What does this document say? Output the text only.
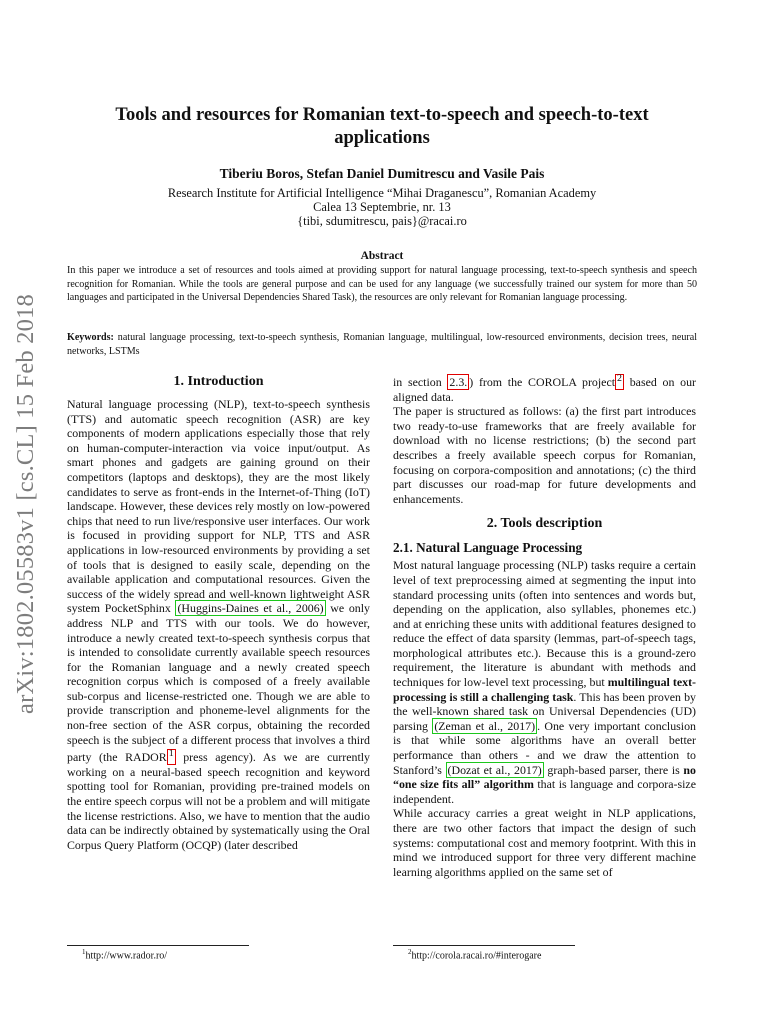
arXiv:1802.05583v1 [cs.CL] 15 Feb 2018
Tools and resources for Romanian text-to-speech and speech-to-text applications
Tiberiu Boros, Stefan Daniel Dumitrescu and Vasile Pais
Research Institute for Artificial Intelligence “Mihai Draganescu”, Romanian Academy
Calea 13 Septembrie, nr. 13
{tibi, sdumitrescu, pais}@racai.ro
Abstract
In this paper we introduce a set of resources and tools aimed at providing support for natural language processing, text-to-speech synthesis and speech recognition for Romanian. While the tools are general purpose and can be used for any language (we successfully trained our system for more than 50 languages and participated in the Universal Dependencies Shared Task), the resources are only relevant for Romanian language processing.
Keywords: natural language processing, text-to-speech synthesis, Romanian language, multilingual, low-resourced environments, decision trees, neural networks, LSTMs
1. Introduction

Natural language processing (NLP), text-to-speech synthesis (TTS) and automatic speech recognition (ASR) are key components of modern applications especially those that rely on human-computer-interaction via voice input/output. As smart phones and gadgets are gaining ground on their competitors (laptops and desktops), they are the most likely candidates to serve as front-ends in the Internet-of-Thing (IoT) landscape. However, these devices rely mostly on low-powered chips that need to run live/responsive user interfaces. Our work is focused in providing support for NLP, TTS and ASR applications in low-resourced environments by providing a set of tools that is designed to easily scale, depending on the available application and computational resources. Given the success of the widely spread and well-known lightweight ASR system PocketSphinx (Huggins-Daines et al., 2006) we only address NLP and TTS with our tools. We do however, introduce a newly created text-to-speech synthesis corpus that is intended to consolidate currently available speech resources for the Romanian language and a newly created speech recognition corpus which is composed of a freely available sub-corpus and license-restricted one. Though we are able to provide transcription and phoneme-level alignments for the non-free section of the ASR corpus, obtaining the recorded speech is the subject of a different process that involves a third party (the RADOR $^1$ press agency). As we are currently working on a neural-based speech recognition and keyword spotting tool for Romanian, providing pre-trained models on the entire speech corpus will not be a problem and will mitigate the license restrictions. Also, we have to mention that the audio data can be indirectly obtained by systematically using the Oral Corpus Query Platform (OCQP) (later described

in section 2.3. ) from the COROLA project $^2$ based on our aligned data.

The paper is structured as follows: (a) the first part introduces two ready-to-use frameworks that are freely available for download with no license restrictions; (b) the second part describes a freely available speech corpus for Romanian, focusing on corpora-composition and annotations; (c) the third part discusses our road-map for future developments and enhancements.

2. Tools description
2.1. Natural Language Processing

Most natural language processing (NLP) tasks require a certain level of text preprocessing aimed at segmenting the input into standard processing units (often into sentences and words but, depending on the application, also syllables, phonemes etc.) and at enriching these units with additional features designed to reduce the effect of data sparsity (lemmas, part-of-speech tags, morphological attributes etc.). Because this is a ground-zero requirement, the literature is abundant with methods and techniques for low-level text processing, but multilingual text-processing is still a challenging task. This has been proven by the well-known shared task on Universal Dependencies (UD) parsing (Zeman et al., 2017) . One very important conclusion is that while some algorithms have an overall better performance than others - and we draw the attention to Stanford’s (Dozat et al., 2017) graph-based parser, there is no “one size fits all” algorithm that is language and corpora-size independent.

While accuracy carries a great weight in NLP applications, there are two other factors that impact the design of such systems: computational cost and memory footprint. With this in mind we introduced support for three very different machine learning algorithms applied on the same set of

$^1$http://www.rador.ro/	$^2$http://corola.racai.ro/#interogare
